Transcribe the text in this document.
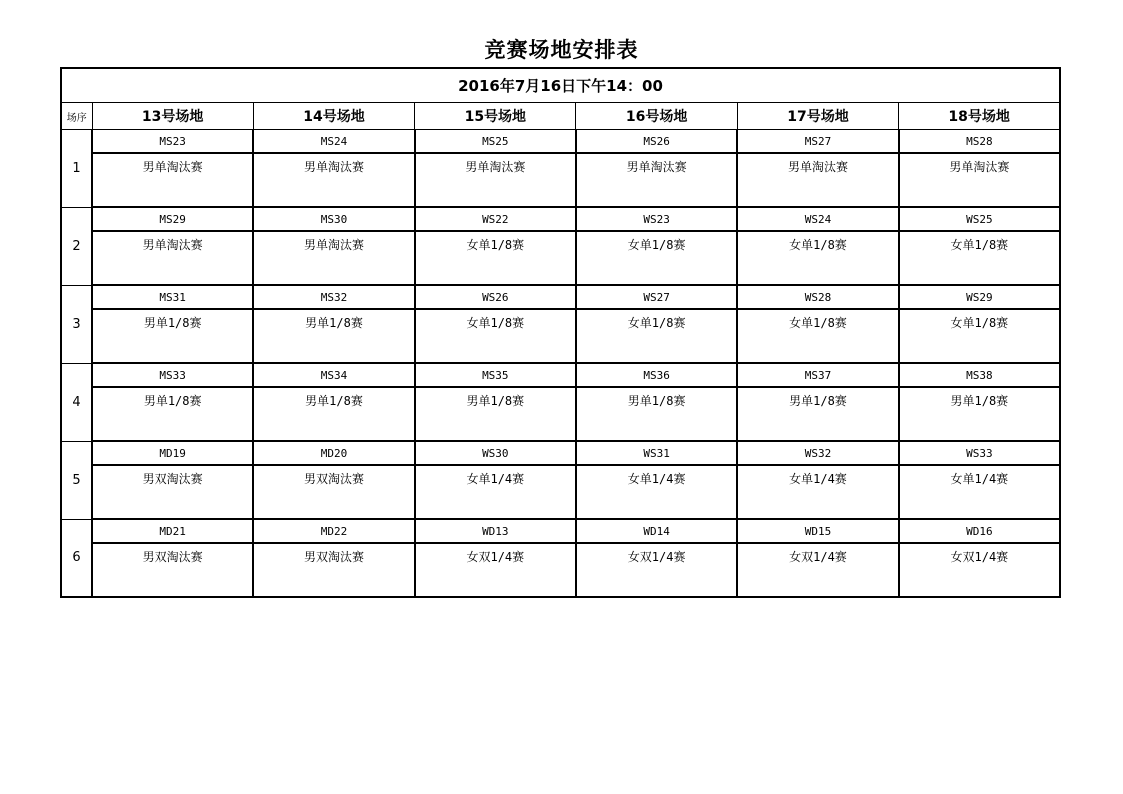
竞赛场地安排表
2016年7月16日下午14：00						
场序	13号场地	14号场地	15号场地	16号场地	17号场地	18号场地
1	MS23	MS24	MS25	MS26	MS27	MS28
	男单淘汰赛	男单淘汰赛	男单淘汰赛	男单淘汰赛	男单淘汰赛	男单淘汰赛
2	MS29	MS30	WS22	WS23	WS24	WS25
	男单淘汰赛	男单淘汰赛	女单1/8赛	女单1/8赛	女单1/8赛	女单1/8赛
3	MS31	MS32	WS26	WS27	WS28	WS29
	男单1/8赛	男单1/8赛	女单1/8赛	女单1/8赛	女单1/8赛	女单1/8赛
4	MS33	MS34	MS35	MS36	MS37	MS38
	男单1/8赛	男单1/8赛	男单1/8赛	男单1/8赛	男单1/8赛	男单1/8赛
5	MD19	MD20	WS30	WS31	WS32	WS33
	男双淘汰赛	男双淘汰赛	女单1/4赛	女单1/4赛	女单1/4赛	女单1/4赛
6	MD21	MD22	WD13	WD14	WD15	WD16
	男双淘汰赛	男双淘汰赛	女双1/4赛	女双1/4赛	女双1/4赛	女双1/4赛
